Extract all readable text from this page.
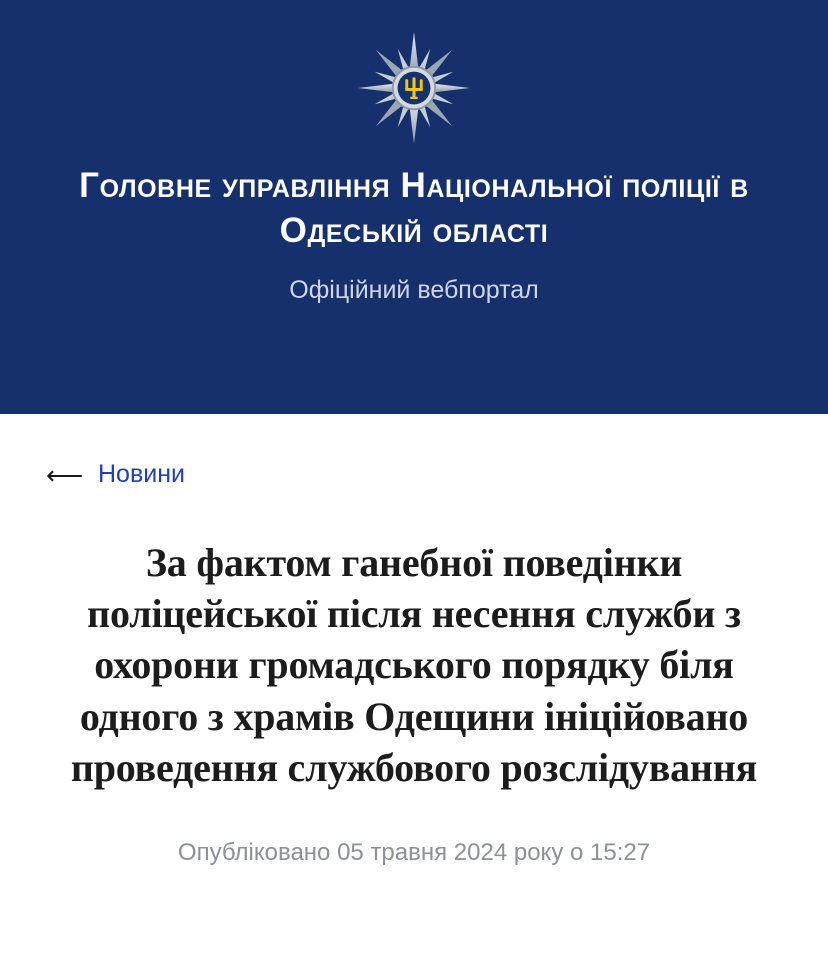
Головне управління Національної поліції в Одеській області
Офіційний вебпортал
⟵ Новини
За фактом ганебної поведінки поліцейської після несення служби з охорони громадського порядку біля одного з храмів Одещини ініційовано проведення службового розслідування
Опубліковано 05 травня 2024 року о 15:27
